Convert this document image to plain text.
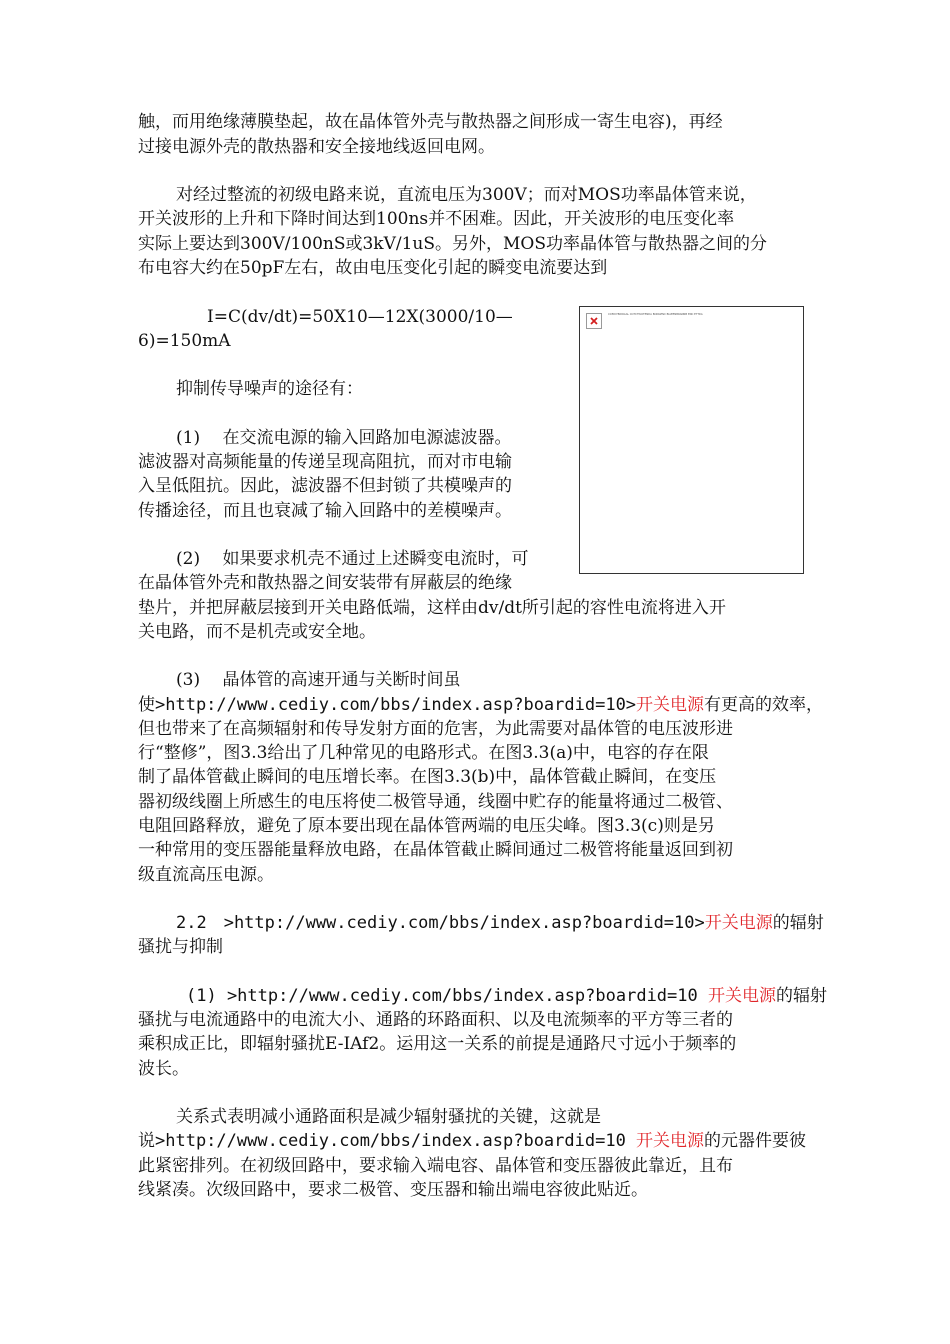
触，而用绝缘薄膜垫起，故在晶体管外壳与散热器之间形成一寄生电容)，再经
过接电源外壳的散热器和安全接地线返回电网。
对经过整流的初级电路来说，直流电压为300V；而对MOS功率晶体管来说，
开关波形的上升和下降时间达到100ns并不困难。因此，开关波形的电压变化率
实际上要达到300V/100nS或3kV/1uS。另外，MOS功率晶体管与散热器之间的分
布电容大约在50pF左右，故由电压变化引起的瞬变电流要达到
I=C(dv/dt)=50X10—12X(3000/10—
6)=150mA
CCEDIYBIDRAAL COTCTWOTENDA BONGENC BIAEENBRANNB ENC ETTDA
抑制传导噪声的途径有：
(1)　 在交流电源的输入回路加电源滤波器。
滤波器对高频能量的传递呈现高阻抗，而对市电输
入呈低阻抗。因此，滤波器不但封锁了共模噪声的
传播途径，而且也衰减了输入回路中的差模噪声。
(2)　 如果要求机壳不通过上述瞬变电流时，可
在晶体管外壳和散热器之间安装带有屏蔽层的绝缘
垫片，并把屏蔽层接到开关电路低端，这样由dv/dt所引起的容性电流将进入开
关电路，而不是机壳或安全地。
(3)　 晶体管的高速开通与关断时间虽
使>http://www.cediy.com/bbs/index.asp?boardid=10>开关电源有更高的效率，
但也带来了在高频辐射和传导发射方面的危害，为此需要对晶体管的电压波形进
行“整修”，图3.3给出了几种常见的电路形式。在图3.3(a)中，电容的存在限
制了晶体管截止瞬间的电压增长率。在图3.3(b)中，晶体管截止瞬间，在变压
器初级线圈上所感生的电压将使二极管导通，线圈中贮存的能量将通过二极管、
电阻回路释放，避免了原本要出现在晶体管两端的电压尖峰。图3.3(c)则是另
一种常用的变压器能量释放电路，在晶体管截止瞬间通过二极管将能量返回到初
级直流高压电源。
2.2　>http://www.cediy.com/bbs/index.asp?boardid=10>开关电源的辐射
骚扰与抑制
(1) >http://www.cediy.com/bbs/index.asp?boardid=10 开关电源的辐射
骚扰与电流通路中的电流大小、通路的环路面积、以及电流频率的平方等三者的
乘积成正比，即辐射骚扰E-IAf2。运用这一关系的前提是通路尺寸远小于频率的
波长。
关系式表明减小通路面积是减少辐射骚扰的关键，这就是
说>http://www.cediy.com/bbs/index.asp?boardid=10 开关电源的元器件要彼
此紧密排列。在初级回路中，要求输入端电容、晶体管和变压器彼此靠近，且布
线紧凑。次级回路中，要求二极管、变压器和输出端电容彼此贴近。
